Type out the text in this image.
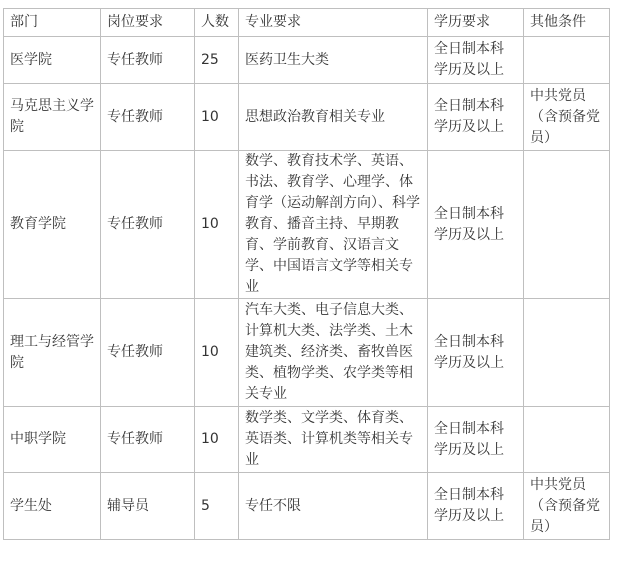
部门	岗位要求	人数	专业要求	学历要求	其他条件
医学院	专任教师	25	医药卫生大类	全日制本科学历及以上	
马克思主义学院	专任教师	10	思想政治教育相关专业	全日制本科学历及以上	中共党员（含预备党员）
教育学院	专任教师	10	数学、教育技术学、英语、书法、教育学、心理学、体育学（运动解剖方向）、科学教育、播音主持、早期教育、学前教育、汉语言文学、中国语言文学等相关专业	全日制本科学历及以上	
理工与经管学院	专任教师	10	汽车大类、电子信息大类、计算机大类、法学类、土木建筑类、经济类、畜牧兽医类、植物学类、农学类等相关专业	全日制本科学历及以上	
中职学院	专任教师	10	数学类、文学类、体育类、英语类、计算机类等相关专业	全日制本科学历及以上	
学生处	辅导员	5	专任不限	全日制本科学历及以上	中共党员（含预备党员）
